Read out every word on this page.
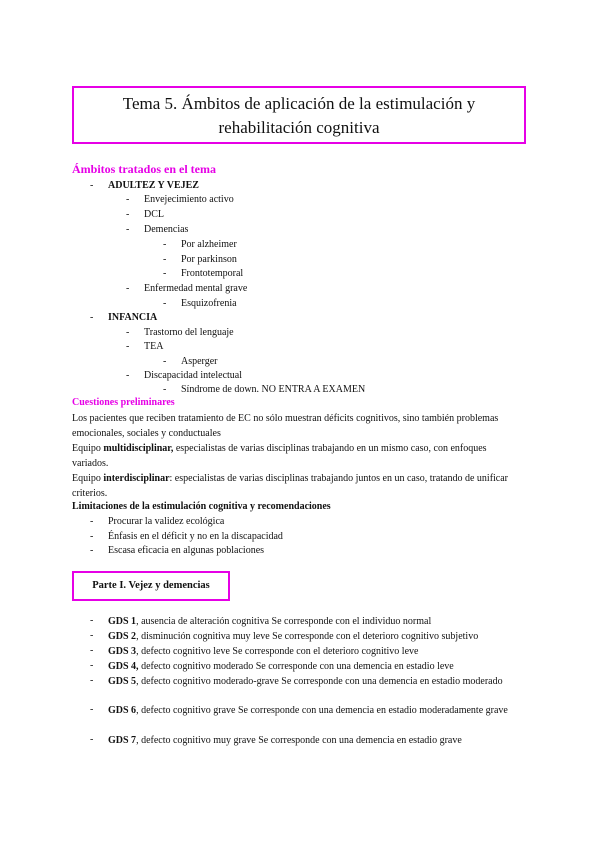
Tema 5. Ámbitos de aplicación de la estimulación y
rehabilitación cognitiva
Ámbitos tratados en el tema
- ADULTEZ Y VEJEZ
- Envejecimiento activo
- DCL
- Demencias
- Por alzheimer
- Por parkinson
- Frontotemporal
- Enfermedad mental grave
- Esquizofrenia
- INFANCIA
- Trastorno del lenguaje
- TEA
- Asperger
- Discapacidad intelectual
- Síndrome de down. NO ENTRA A EXAMEN
Cuestiones preliminares
Los pacientes que reciben tratamiento de EC no sólo muestran déficits cognitivos, sino también problemas emocionales, sociales y conductuales
Equipo multidisciplinar, especialistas de varias disciplinas trabajando en un mismo caso, con enfoques variados.
Equipo interdisciplinar: especialistas de varias disciplinas trabajando juntos en un caso, tratando de unificar criterios.
Limitaciones de la estimulación cognitiva y recomendaciones
- Procurar la validez ecológica
- Énfasis en el déficit y no en la discapacidad
- Escasa eficacia en algunas poblaciones
Parte I. Vejez y demencias
- GDS 1, ausencia de alteración cognitiva Se corresponde con el individuo normal
- GDS 2, disminución cognitiva muy leve Se corresponde con el deterioro cognitivo subjetivo
- GDS 3, defecto cognitivo leve Se corresponde con el deterioro cognitivo leve
- GDS 4, defecto cognitivo moderado Se corresponde con una demencia en estadio leve
- GDS 5, defecto cognitivo moderado-grave Se corresponde con una demencia en estadio moderado
- GDS 6, defecto cognitivo grave Se corresponde con una demencia en estadio moderadamente grave
- GDS 7, defecto cognitivo muy grave Se corresponde con una demencia en estadio grave
